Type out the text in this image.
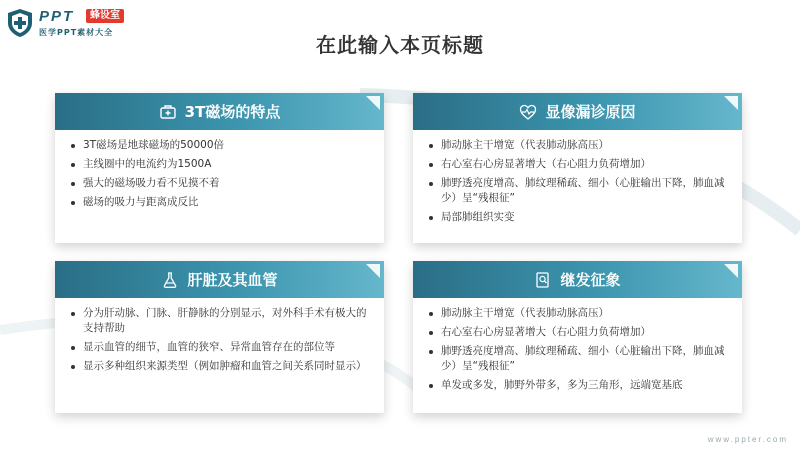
PPT	蜂设室
医学PPT素材大全
在此输入本页标题
3T磁场的特点
3T磁场是地球磁场的50000倍
主线圈中的电流约为1500A
强大的磁场吸力看不见摸不着
磁场的吸力与距离成反比
显像漏诊原因
肺动脉主干增宽（代表肺动脉高压）
右心室右心房显著增大（右心阻力负荷增加）
肺野透亮度增高、肺纹理稀疏、细小（心脏输出下降，肺血减少）呈“残根征”
局部肺组织实变
肝脏及其血管
分为肝动脉、门脉、肝静脉的分别显示，对外科手术有极大的支持帮助
显示血管的细节，血管的狭窄、异常血管存在的部位等
显示多种组织来源类型（例如肿瘤和血管之间关系同时显示）
继发征象
肺动脉主干增宽（代表肺动脉高压）
右心室右心房显著增大（右心阻力负荷增加）
肺野透亮度增高、肺纹理稀疏、细小（心脏输出下降，肺血减少）呈“残根征”
单发或多发，肺野外带多，多为三角形，远端宽基底
www.ppter.com
